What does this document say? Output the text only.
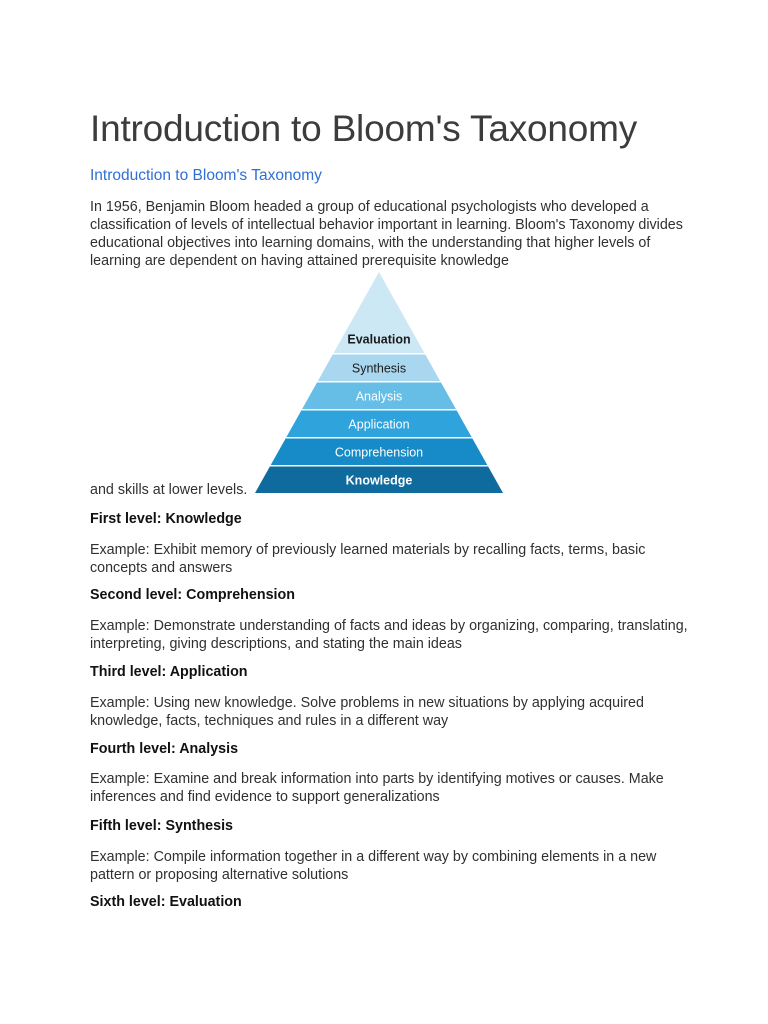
Introduction to Bloom's Taxonomy
Introduction to Bloom's Taxonomy

In 1956, Benjamin Bloom headed a group of educational psychologists who developed a classification of levels of intellectual behavior important in learning. Bloom's Taxonomy divides educational objectives into learning domains, with the understanding that higher levels of learning are dependent on having attained prerequisite knowledge

Evaluation
Synthesis
Analysis
Application
Comprehension
Knowledge

and skills at lower levels.

First level: Knowledge

Example: Exhibit memory of previously learned materials by recalling facts, terms, basic concepts and answers

Second level: Comprehension

Example: Demonstrate understanding of facts and ideas by organizing, comparing, translating, interpreting, giving descriptions, and stating the main ideas

Third level: Application

Example: Using new knowledge. Solve problems in new situations by applying acquired knowledge, facts, techniques and rules in a different way

Fourth level: Analysis

Example: Examine and break information into parts by identifying motives or causes. Make inferences and find evidence to support generalizations

Fifth level: Synthesis

Example: Compile information together in a different way by combining elements in a new pattern or proposing alternative solutions

Sixth level: Evaluation
